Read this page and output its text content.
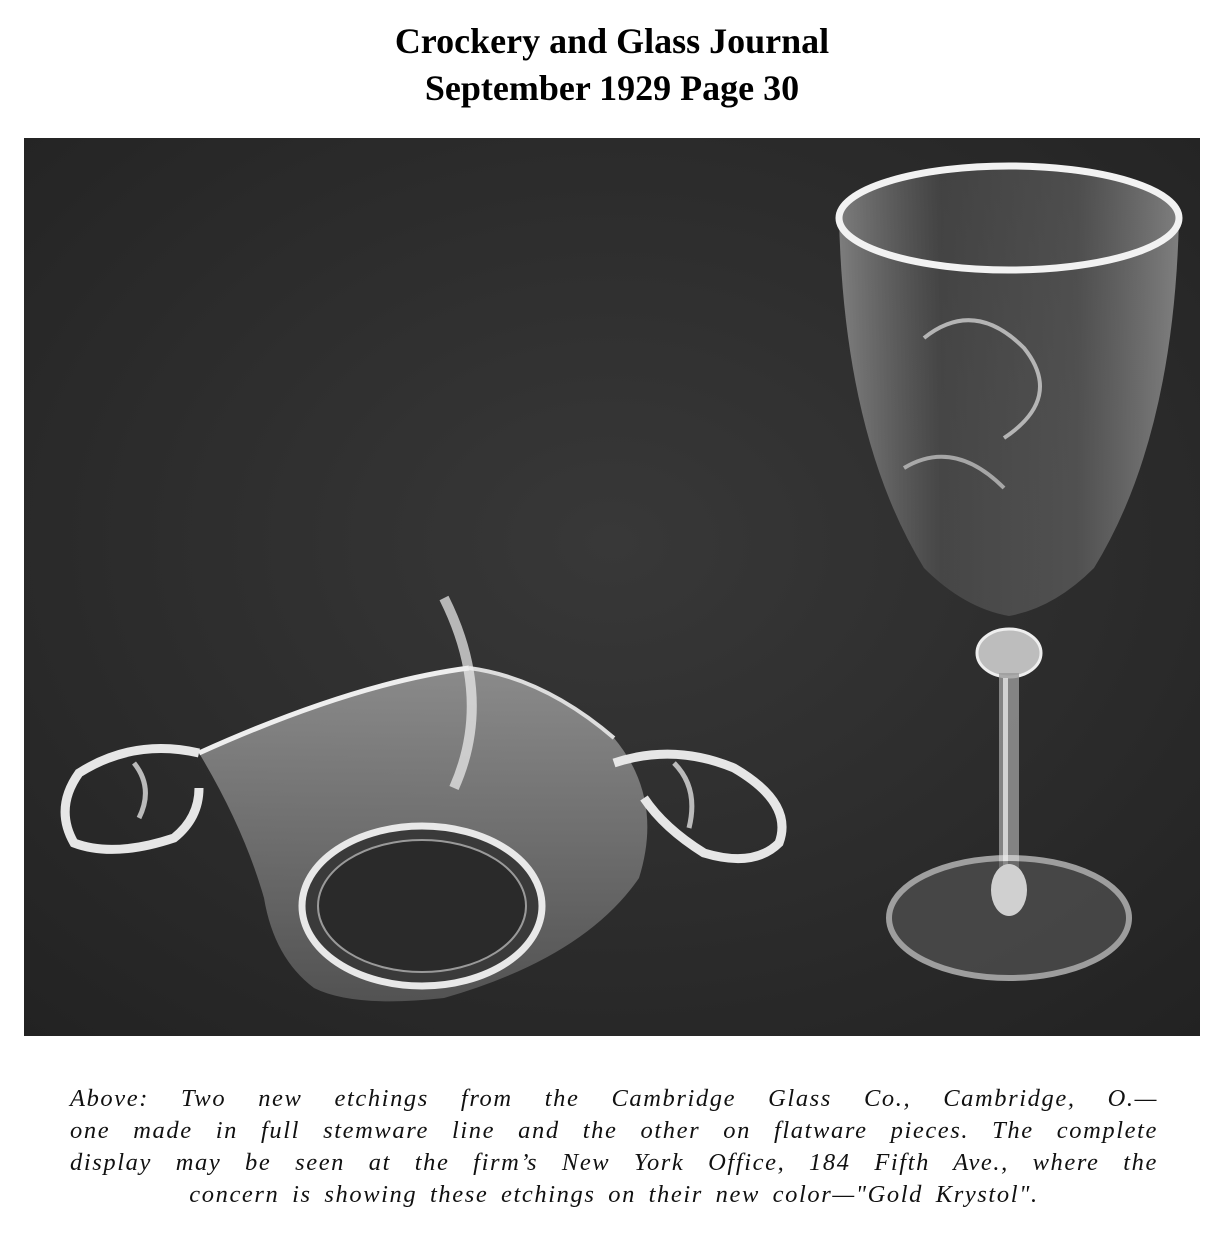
Crockery and Glass Journal
September 1929 Page 30
Above: Two new etchings from the Cambridge Glass Co., Cambridge, O.—
one made in full stemware line and the other on flatware pieces. The complete
display may be seen at the firm’s New York Office, 184 Fifth Ave., where the
concern is showing these etchings on their new color—"Gold Krystol".
